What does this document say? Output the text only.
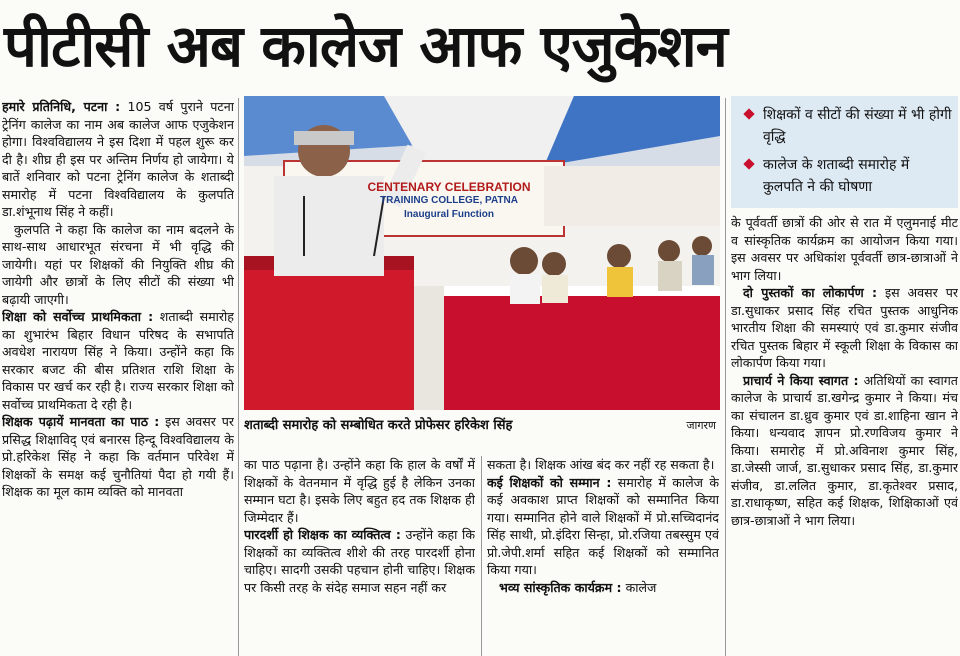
पीटीसी अब कालेज आफ एजुकेशन

हमारे प्रतिनिधि, पटना : 105 वर्ष पुराने पटना ट्रेनिंग कालेज का नाम अब कालेज आफ एजुकेशन होगा। विश्वविद्यालय ने इस दिशा में पहल शुरू कर दी है। शीघ्र ही इस पर अन्तिम निर्णय हो जायेगा। ये बातें शनिवार को पटना ट्रेनिंग कालेज के शताब्दी समारोह में पटना विश्वविद्यालय के कुलपति डा.शंभूनाथ सिंह ने कहीं।

कुलपति ने कहा कि कालेज का नाम बदलने के साथ-साथ आधारभूत संरचना में भी वृद्धि की जायेगी। यहां पर शिक्षकों की नियुक्ति शीघ्र की जायेगी और छात्रों के लिए सीटों की संख्या भी बढ़ायी जाएगी।

शिक्षा को सर्वोच्च प्राथमिकता : शताब्दी समारोह का शुभारंभ बिहार विधान परिषद के सभापति अवधेश नारायण सिंह ने किया। उन्होंने कहा कि सरकार बजट की बीस प्रतिशत राशि शिक्षा के विकास पर खर्च कर रही है। राज्य सरकार शिक्षा को सर्वोच्च प्राथमिकता दे रही है।

शिक्षक पढ़ायें मानवता का पाठ : इस अवसर पर प्रसिद्ध शिक्षाविद् एवं बनारस हिन्दू विश्वविद्यालय के प्रो.हरिकेश सिंह ने कहा कि वर्तमान परिवेश में शिक्षकों के समक्ष कई चुनौतियां पैदा हो गयी हैं। शिक्षक का मूल काम व्यक्ति को मानवता

CENTENARY CELEBRATION
TRAINING COLLEGE, PATNA
Inaugural Function
शताब्दी समारोह को सम्बोधित करते प्रोफेसर हरिकेश सिंह	जागरण

का पाठ पढ़ाना है। उन्होंने कहा कि हाल के वर्षों में शिक्षकों के वेतनमान में वृद्धि हुई है लेकिन उनका सम्मान घटा है। इसके लिए बहुत हद तक शिक्षक ही जिम्मेदार हैं।

पारदर्शी हो शिक्षक का व्यक्तित्व : उन्होंने कहा कि शिक्षकों का व्यक्तित्व शीशे की तरह पारदर्शी होना चाहिए। सादगी उसकी पहचान होनी चाहिए। शिक्षक पर किसी तरह के संदेह समाज सहन नहीं कर

सकता है। शिक्षक आंख बंद कर नहीं रह सकता है।

कई शिक्षकों को सम्मान : समारोह में कालेज के कई अवकाश प्राप्त शिक्षकों को सम्मानित किया गया। सम्मानित होने वाले शिक्षकों में प्रो.सच्चिदानंद सिंह साथी, प्रो.इंदिरा सिन्हा, प्रो.रजिया तबस्सुम एवं प्रो.जेपी.शर्मा सहित कई शिक्षकों को सम्मानित किया गया।

भव्य सांस्कृतिक कार्यक्रम : कालेज

शिक्षकों व सीटों की संख्या में भी होगी वृद्धि
कालेज के शताब्दी समारोह में कुलपति ने की घोषणा

के पूर्ववर्ती छात्रों की ओर से रात में एलुमनाई मीट व सांस्कृतिक कार्यक्रम का आयोजन किया गया। इस अवसर पर अधिकांश पूर्ववर्ती छात्र-छात्राओं ने भाग लिया।

दो पुस्तकों का लोकार्पण : इस अवसर पर डा.सुधाकर प्रसाद सिंह रचित पुस्तक आधुनिक भारतीय शिक्षा की समस्याएं एवं डा.कुमार संजीव रचित पुस्तक बिहार में स्कूली शिक्षा के विकास का लोकार्पण किया गया।

प्राचार्य ने किया स्वागत : अतिथियों का स्वागत कालेज के प्राचार्य डा.खगेन्द्र कुमार ने किया। मंच का संचालन डा.ध्रुव कुमार एवं डा.शाहिना खान ने किया। धन्यवाद ज्ञापन प्रो.रणविजय कुमार ने किया। समारोह में प्रो.अविनाश कुमार सिंह, डा.जेस्सी जार्ज, डा.सुधाकर प्रसाद सिंह, डा.कुमार संजीव, डा.ललित कुमार, डा.कृतेश्वर प्रसाद, डा.राधाकृष्ण, सहित कई शिक्षक, शिक्षिकाओं एवं छात्र-छात्राओं ने भाग लिया।
